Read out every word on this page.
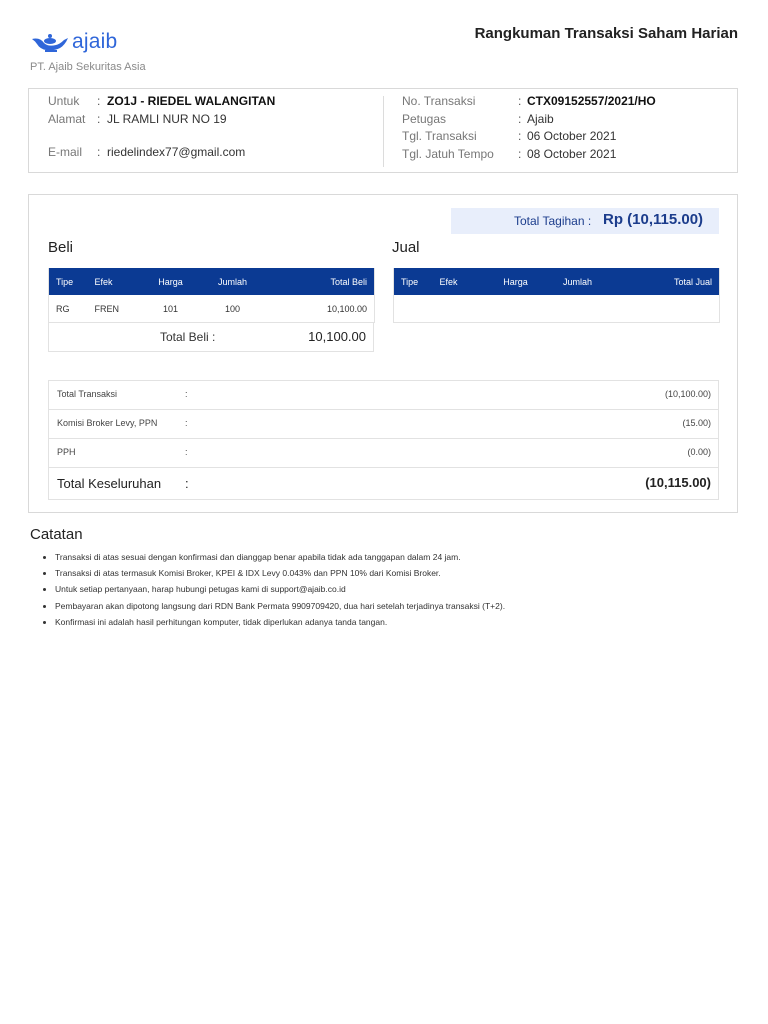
ajaib
PT. Ajaib Sekuritas Asia
Rangkuman Transaksi Saham Harian
Untuk : ZO1J - RIEDEL WALANGITAN
Alamat : JL RAMLI NUR NO 19
E-mail : riedelindex77@gmail.com
No. Transaksi	: CTX09152557/2021/HO
Petugas	: Ajaib
Tgl. Transaksi	: 06 October 2021
Tgl. Jatuh Tempo : 08 October 2021
Total Tagihan : Rp (10,115.00)
Beli	Jual
Tipe	Efek	Harga	Jumlah	Total Beli
RG	FREN	101	100	10,100.00
Total Beli :	10,100.00
Tipe	Efek	Harga	Jumlah	Total Jual

Total Transaksi	:	(10,100.00)
Komisi Broker Levy, PPN	:	(15.00)
PPH	:	(0.00)
Total Keseluruhan :	(10,115.00)
Catatan
• Transaksi di atas sesuai dengan konfirmasi dan dianggap benar apabila tidak ada tanggapan dalam 24 jam.
• Transaksi di atas termasuk Komisi Broker, KPEI & IDX Levy 0.043% dan PPN 10% dari Komisi Broker.
• Untuk setiap pertanyaan, harap hubungi petugas kami di support@ajaib.co.id
• Pembayaran akan dipotong langsung dari RDN Bank Permata 9909709420, dua hari setelah terjadinya transaksi (T+2).
• Konfirmasi ini adalah hasil perhitungan komputer, tidak diperlukan adanya tanda tangan.
